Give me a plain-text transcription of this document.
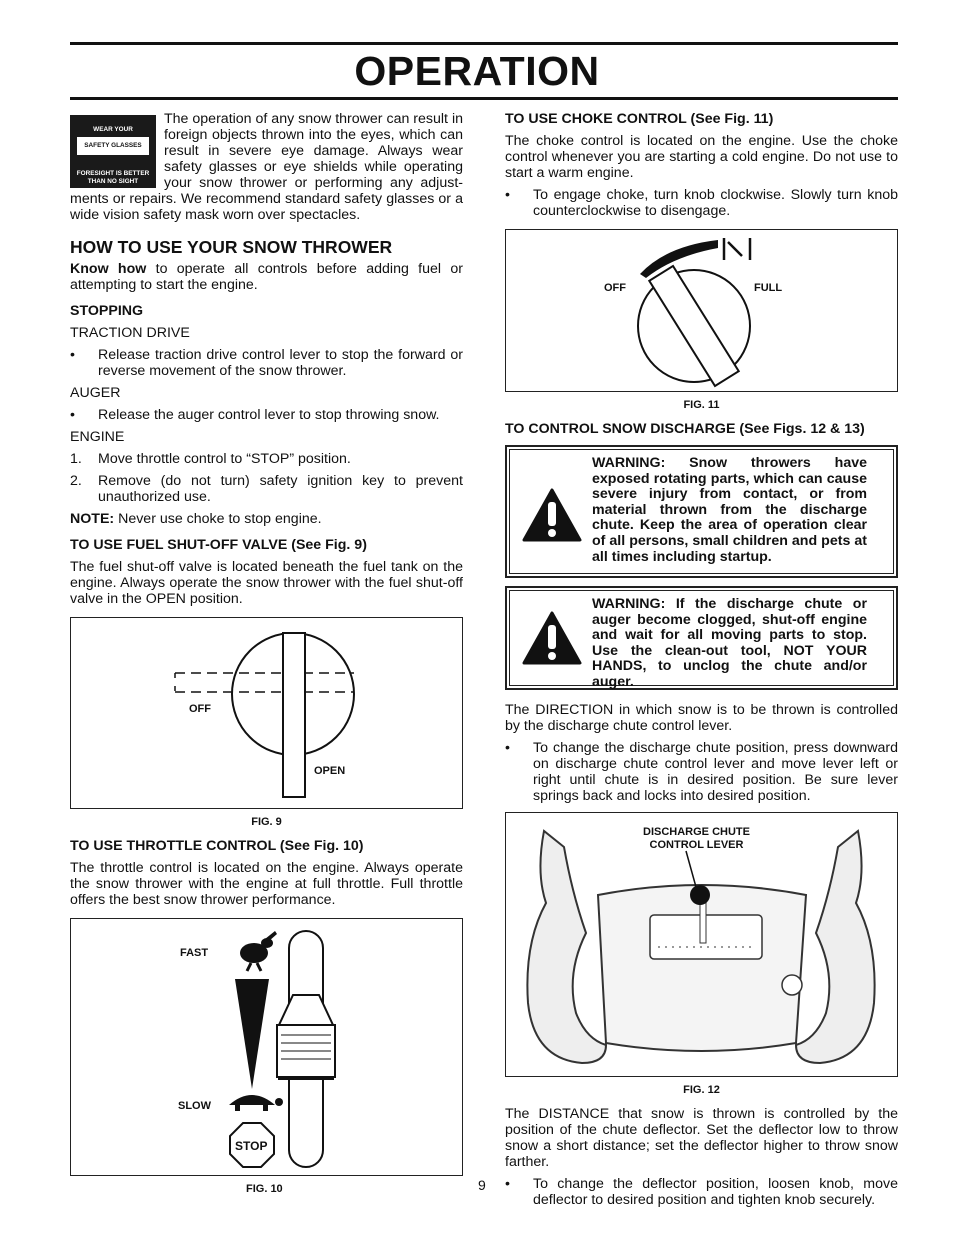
OPERATION
WEAR YOUR
SAFETY GLASSES
FORESIGHT IS BETTER
THAN NO SIGHT

The operation of any snow thrower can result in foreign objects thrown into the eyes, which can result in severe eye damage. Always wear safety glasses or eye shields while operating your snow thrower or performing any adjust-ments or repairs. We recommend standard safety glasses or a wide vision safety mask worn over spectacles.

HOW TO USE YOUR SNOW THROWER

Know how to operate all controls before adding fuel or attempting to start the engine.

STOPPING

TRACTION DRIVE

• Release traction drive control lever to stop the forward or reverse movement of the snow thrower.

AUGER

• Release the auger control lever to stop throwing snow.

ENGINE

1. Move throttle control to “STOP” position.
2. Remove (do not turn) safety ignition key to prevent unauthorized use.

NOTE: Never use choke to stop engine.

TO USE FUEL SHUT-OFF VALVE (See Fig. 9)

The fuel shut-off valve is located beneath the fuel tank on the engine. Always operate the snow thrower with the fuel shut-off valve in the OPEN position.

OFF
OPEN
FIG. 9
TO USE THROTTLE CONTROL (See Fig. 10)

The throttle control is located on the engine. Always operate the snow thrower with the engine at full throttle. Full throttle offers the best snow thrower performance.

FAST
SLOW
STOP
FIG. 10
TO USE CHOKE CONTROL (See Fig. 11)

The choke control is located on the engine. Use the choke control whenever you are starting a cold engine. Do not use to start a warm engine.

• To engage choke, turn knob clockwise. Slowly turn knob counterclockwise to disengage.
OFF	FULL
FIG. 11
TO CONTROL SNOW DISCHARGE (See Figs. 12 & 13)
WARNING: Snow throwers have exposed rotating parts, which can cause severe injury from contact, or from material thrown from the discharge chute. Keep the area of operation clear of all persons, small children and pets at all times including startup.
WARNING: If the discharge chute or auger become clogged, shut-off engine and wait for all moving parts to stop. Use the clean-out tool, NOT YOUR HANDS, to unclog the chute and/or auger.

The DIRECTION in which snow is to be thrown is controlled by the discharge chute control lever.

• To change the discharge chute position, press downward on discharge chute control lever and move lever left or right until chute is in desired position. Be sure lever springs back and locks into desired position.
DISCHARGE CHUTE
CONTROL LEVER
FIG. 12

The DISTANCE that snow is thrown is controlled by the position of the chute deflector. Set the deflector low to throw snow a short distance; set the deflector higher to throw snow farther.

• To change the deflector position, loosen knob, move deflector to desired position and tighten knob securely.
9
